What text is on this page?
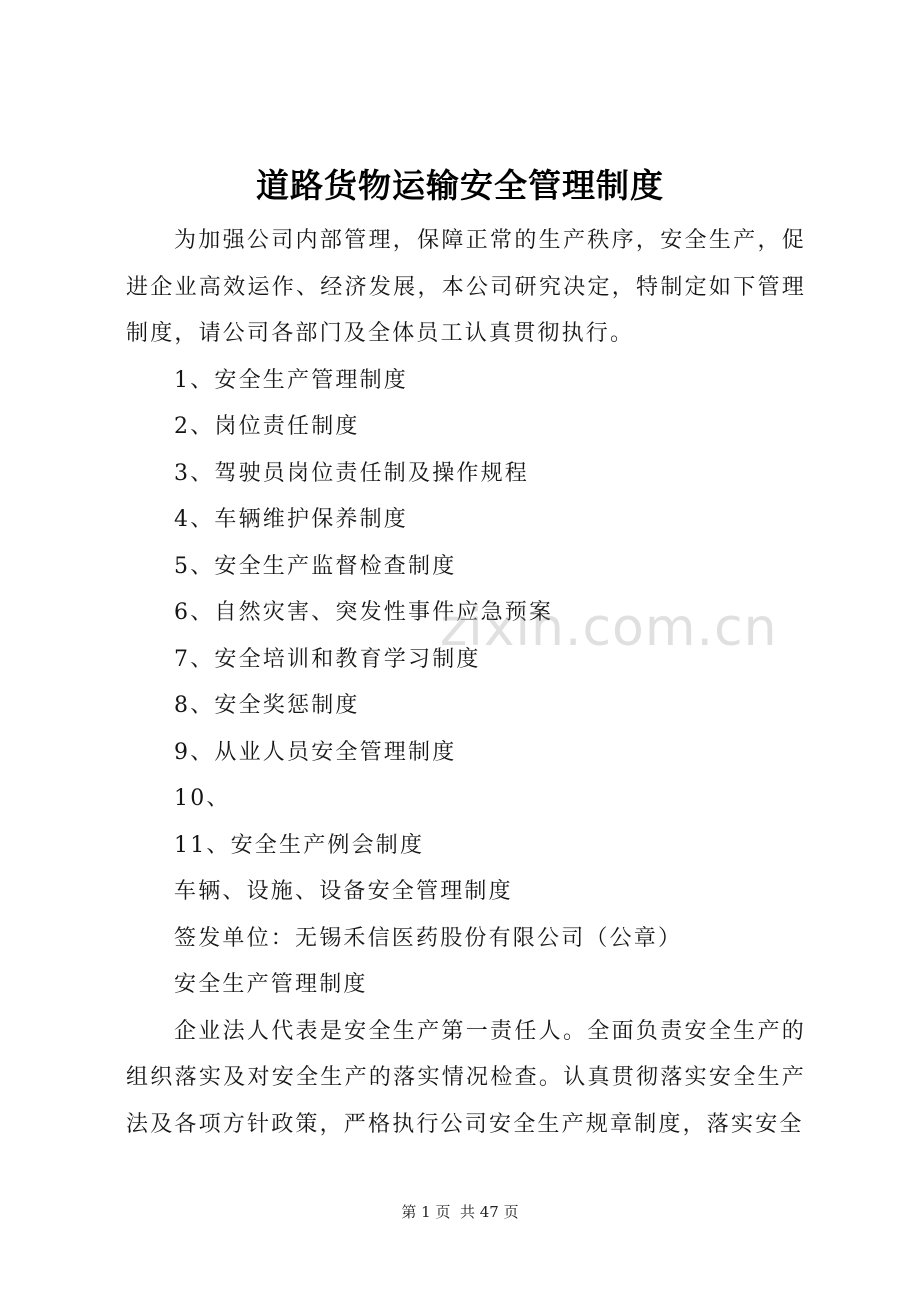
道路货物运输安全管理制度

为加强公司内部管理，保障正常的生产秩序，安全生产，促进企业高效运作、经济发展，本公司研究决定，特制定如下管理制度，请公司各部门及全体员工认真贯彻执行。

1、安全生产管理制度

2、岗位责任制度

3、驾驶员岗位责任制及操作规程

4、车辆维护保养制度

5、安全生产监督检查制度

6、自然灾害、突发性事件应急预案

7、安全培训和教育学习制度

8、安全奖惩制度

9、从业人员安全管理制度

10、

11、安全生产例会制度

车辆、设施、设备安全管理制度

签发单位：无锡禾信医药股份有限公司（公章）

安全生产管理制度

企业法人代表是安全生产第一责任人。全面负责安全生产的组织落实及对安全生产的落实情况检查。认真贯彻落实安全生产法及各项方针政策，严格执行公司安全生产规章制度，落实安全

zixin.com.cn
第 1 页  共 47 页
